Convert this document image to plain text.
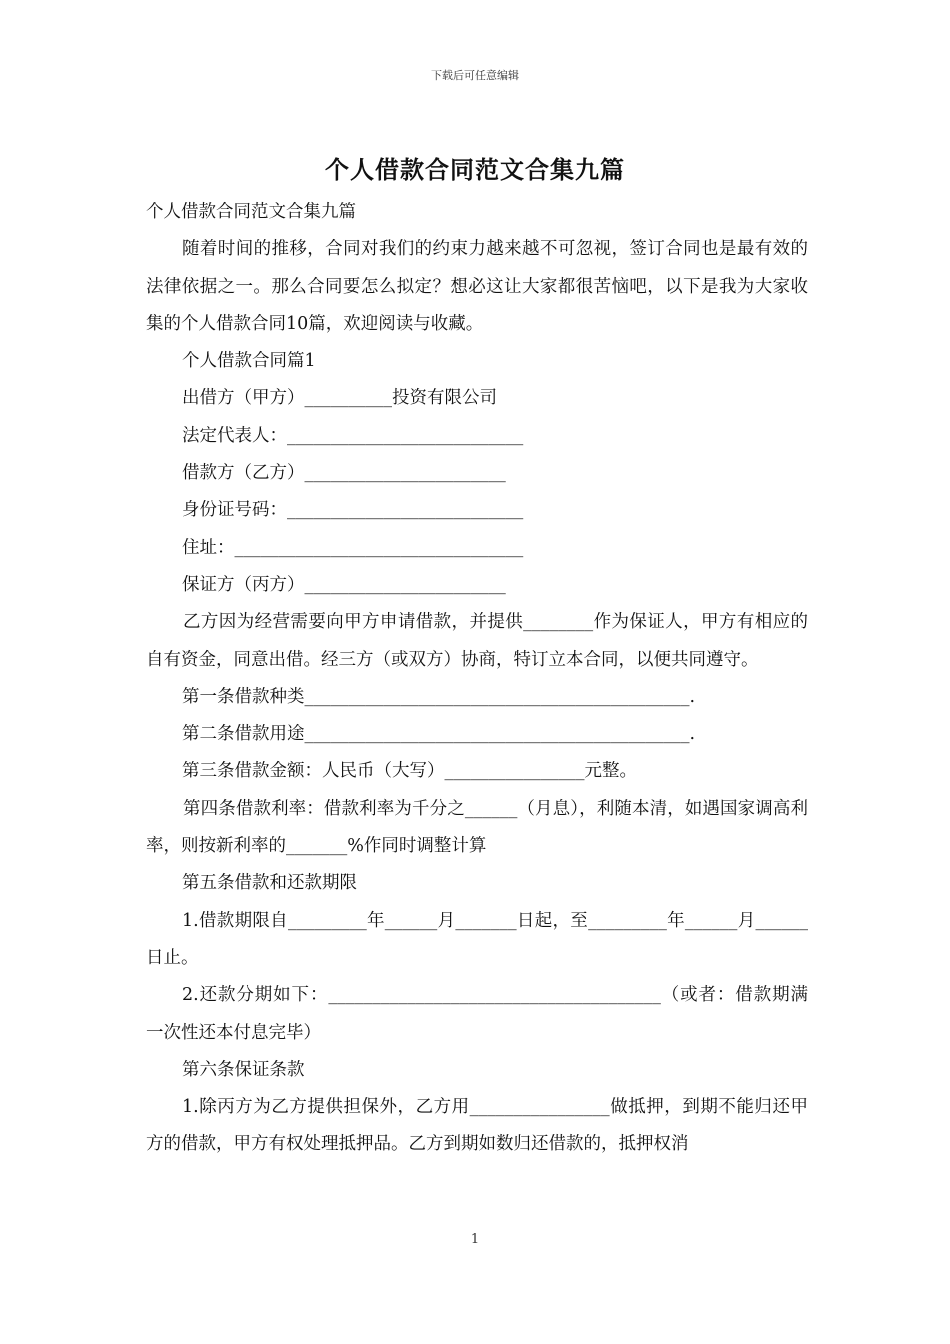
下载后可任意编辑
个人借款合同范文合集九篇

个人借款合同范文合集九篇

随着时间的推移，合同对我们的约束力越来越不可忽视，签订合同也是最有效的法律依据之一。那么合同要怎么拟定？想必这让大家都很苦恼吧，以下是我为大家收集的个人借款合同10篇，欢迎阅读与收藏。

个人借款合同篇1

出借方（甲方）__________投资有限公司

法定代表人：___________________________

借款方（乙方）_______________________

身份证号码：___________________________

住址：_________________________________

保证方（丙方）_______________________

乙方因为经营需要向甲方申请借款，并提供________作为保证人，甲方有相应的自有资金，同意出借。经三方（或双方）协商，特订立本合同，以便共同遵守。

第一条借款种类____________________________________________.

第二条借款用途____________________________________________.

第三条借款金额：人民币（大写）________________元整。

第四条借款利率：借款利率为千分之______（月息），利随本清，如遇国家调高利率，则按新利率的_______%作同时调整计算

第五条借款和还款期限

1.借款期限自_________年______月_______日起，至_________年______月______日止。

2.还款分期如下：______________________________________（或者：借款期满一次性还本付息完毕）

第六条保证条款

1.除丙方为乙方提供担保外，乙方用________________做抵押，到期不能归还甲方的借款，甲方有权处理抵押品。乙方到期如数归还借款的，抵押权消

1
